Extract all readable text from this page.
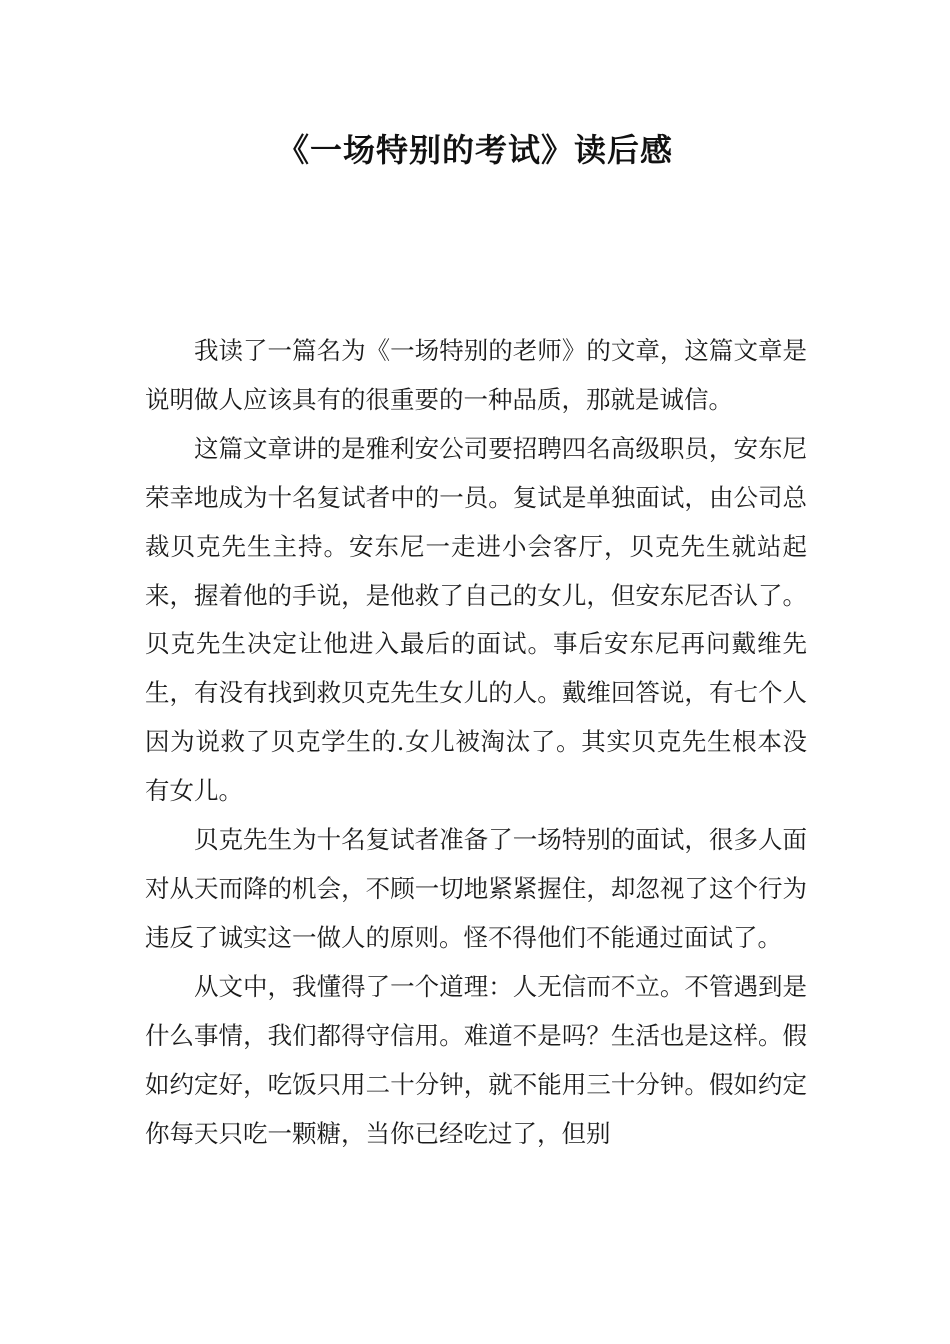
《一场特别的考试》读后感

我读了一篇名为《一场特别的老师》的文章，这篇文章是说明做人应该具有的很重要的一种品质，那就是诚信。

这篇文章讲的是雅利安公司要招聘四名高级职员，安东尼荣幸地成为十名复试者中的一员。复试是单独面试，由公司总裁贝克先生主持。安东尼一走进小会客厅，贝克先生就站起来，握着他的手说，是他救了自己的女儿，但安东尼否认了。贝克先生决定让他进入最后的面试。事后安东尼再问戴维先生，有没有找到救贝克先生女儿的人。戴维回答说，有七个人因为说救了贝克学生的.女儿被淘汰了。其实贝克先生根本没有女儿。

贝克先生为十名复试者准备了一场特别的面试，很多人面对从天而降的机会，不顾一切地紧紧握住，却忽视了这个行为违反了诚实这一做人的原则。怪不得他们不能通过面试了。

从文中，我懂得了一个道理：人无信而不立。不管遇到是什么事情，我们都得守信用。难道不是吗？生活也是这样。假如约定好，吃饭只用二十分钟，就不能用三十分钟。假如约定你每天只吃一颗糖，当你已经吃过了，但别
